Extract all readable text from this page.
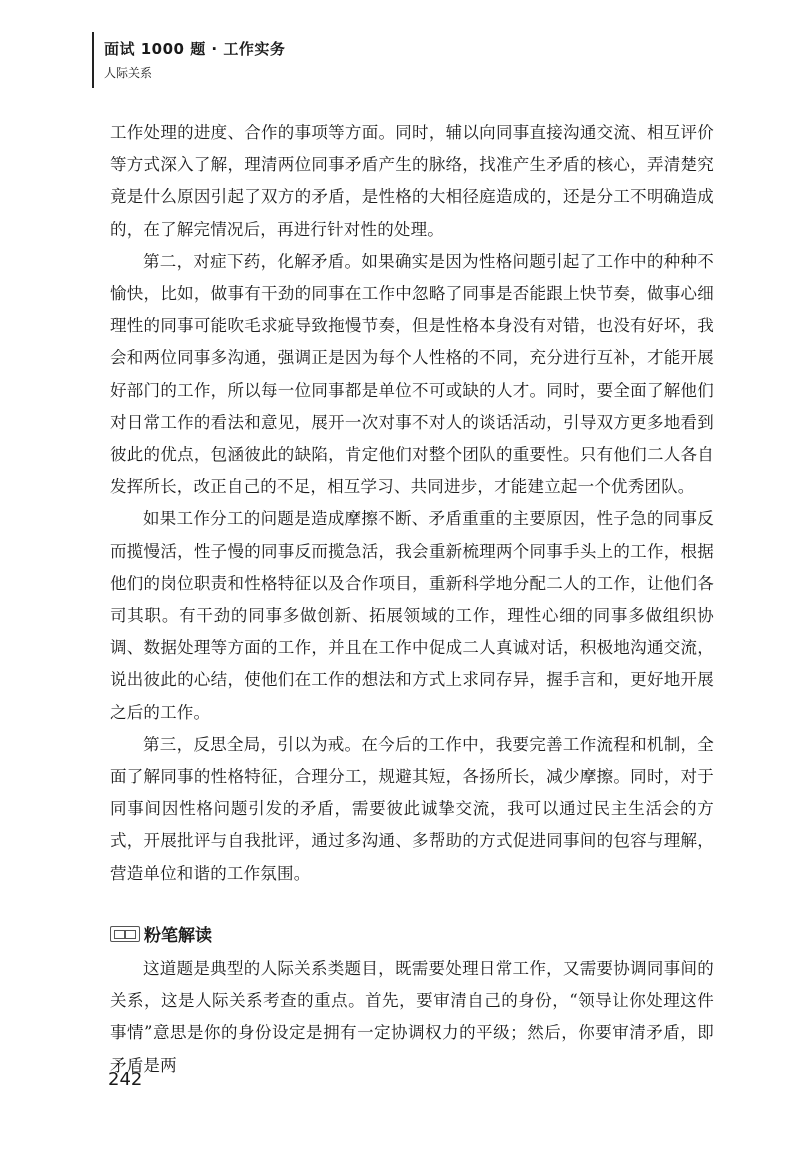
面试 1000 题 · 工作实务
人际关系

工作处理的进度、合作的事项等方面。同时，辅以向同事直接沟通交流、相互评价等方式深入了解，理清两位同事矛盾产生的脉络，找准产生矛盾的核心，弄清楚究竟是什么原因引起了双方的矛盾，是性格的大相径庭造成的，还是分工不明确造成的，在了解完情况后，再进行针对性的处理。

第二，对症下药，化解矛盾。如果确实是因为性格问题引起了工作中的种种不愉快，比如，做事有干劲的同事在工作中忽略了同事是否能跟上快节奏，做事心细理性的同事可能吹毛求疵导致拖慢节奏，但是性格本身没有对错，也没有好坏，我会和两位同事多沟通，强调正是因为每个人性格的不同，充分进行互补，才能开展好部门的工作，所以每一位同事都是单位不可或缺的人才。同时，要全面了解他们对日常工作的看法和意见，展开一次对事不对人的谈话活动，引导双方更多地看到彼此的优点，包涵彼此的缺陷，肯定他们对整个团队的重要性。只有他们二人各自发挥所长，改正自己的不足，相互学习、共同进步，才能建立起一个优秀团队。

如果工作分工的问题是造成摩擦不断、矛盾重重的主要原因，性子急的同事反而揽慢活，性子慢的同事反而揽急活，我会重新梳理两个同事手头上的工作，根据他们的岗位职责和性格特征以及合作项目，重新科学地分配二人的工作，让他们各司其职。有干劲的同事多做创新、拓展领域的工作，理性心细的同事多做组织协调、数据处理等方面的工作，并且在工作中促成二人真诚对话，积极地沟通交流，说出彼此的心结，使他们在工作的想法和方式上求同存异，握手言和，更好地开展之后的工作。

第三，反思全局，引以为戒。在今后的工作中，我要完善工作流程和机制，全面了解同事的性格特征，合理分工，规避其短，各扬所长，减少摩擦。同时，对于同事间因性格问题引发的矛盾，需要彼此诚挚交流，我可以通过民主生活会的方式，开展批评与自我批评，通过多沟通、多帮助的方式促进同事间的包容与理解，营造单位和谐的工作氛围。

粉笔解读

这道题是典型的人际关系类题目，既需要处理日常工作，又需要协调同事间的关系，这是人际关系考查的重点。首先，要审清自己的身份，“领导让你处理这件事情”意思是你的身份设定是拥有一定协调权力的平级；然后，你要审清矛盾，即矛盾是两

242
